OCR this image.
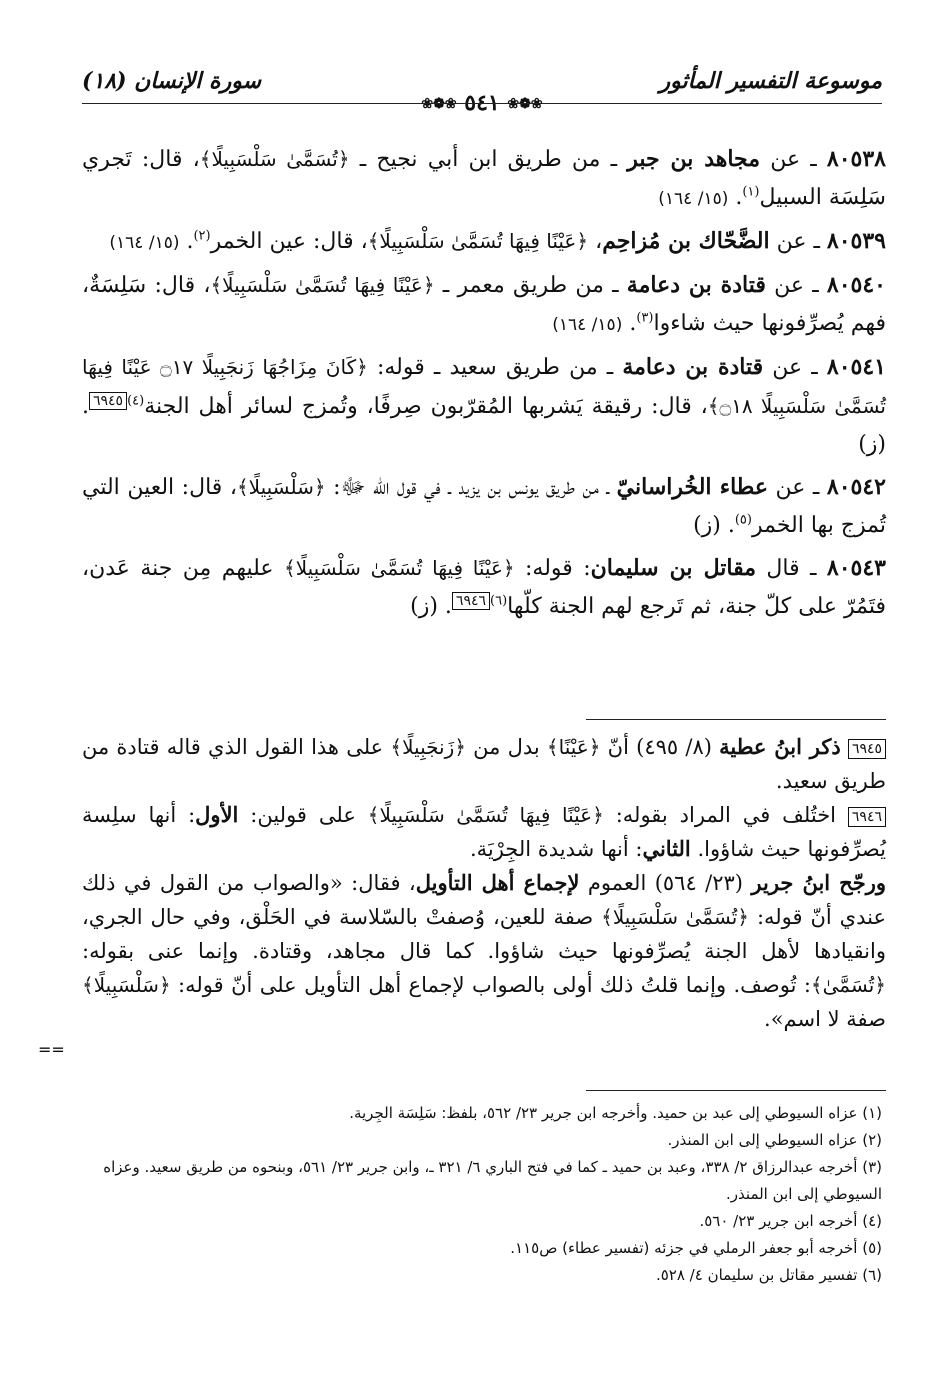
موسوعة التفسير المأثور
❀❁❀ ٥٤١ ❀❁❀
سورة الإنسان (١٨)

٨٠٥٣٨ ـ عن مجاهد بن جبر ـ من طريق ابن أبي نجيح ـ ﴿تُسَمَّىٰ سَلْسَبِيلًا﴾، قال: تَجري سَلِسَة السبيل$^{(١)}$. (١٥/ ١٦٤)

٨٠٥٣٩ ـ عن الضَّحّاك بن مُزاحِم، ﴿عَيْنًا فِيهَا تُسَمَّىٰ سَلْسَبِيلًا﴾، قال: عين الخمر$^{(٢)}$. (١٥/ ١٦٤)

٨٠٥٤٠ ـ عن قتادة بن دعامة ـ من طريق معمر ـ ﴿عَيْنًا فِيهَا تُسَمَّىٰ سَلْسَبِيلًا﴾، قال: سَلِسَةٌ، فهم يُصرِّفونها حيث شاءوا$^{(٣)}$. (١٥/ ١٦٤)

٨٠٥٤١ ـ عن قتادة بن دعامة ـ من طريق سعيد ـ قوله: ﴿كَانَ مِزَاجُهَا زَنجَبِيلًا ۝١٧ عَيْنًا فِيهَا تُسَمَّىٰ سَلْسَبِيلًا ۝١٨﴾، قال: رقيقة يَشربها المُقرّبون صِرفًا، وتُمزج لسائر أهل الجنة$^{(٤)}$٦٩٤٥. (ز)

٨٠٥٤٢ ـ عن عطاء الخُراسانيّ ـ من طريق يونس بن يزيد ـ في قول الله ﷻ: ﴿سَلْسَبِيلًا﴾، قال: العين التي تُمزج بها الخمر$^{(٥)}$. (ز)

٨٠٥٤٣ ـ قال مقاتل بن سليمان: قوله: ﴿عَيْنًا فِيهَا تُسَمَّىٰ سَلْسَبِيلًا﴾ عليهم مِن جنة عَدن، فتَمُرّ على كلّ جنة، ثم تَرجع لهم الجنة كلّها$^{(٦)}$٦٩٤٦. (ز)

٦٩٤٥ ذكر ابنُ عطية (٨/ ٤٩٥) أنّ ﴿عَيْنًا﴾ بدل من ﴿زَنجَبِيلًا﴾ على هذا القول الذي قاله قتادة من طريق سعيد.

٦٩٤٦ اختُلف في المراد بقوله: ﴿عَيْنًا فِيهَا تُسَمَّىٰ سَلْسَبِيلًا﴾ على قولين: الأول: أنها سلِسة يُصرِّفونها حيث شاؤوا. الثاني: أنها شديدة الجِرْيَة.

ورجّح ابنُ جرير (٢٣/ ٥٦٤) العموم لإجماع أهل التأويل، فقال: «والصواب من القول في ذلك عندي أنّ قوله: ﴿تُسَمَّىٰ سَلْسَبِيلًا﴾ صفة للعين، وُصفتْ بالسّلاسة في الحَلْق، وفي حال الجري، وانقيادها لأهل الجنة يُصرِّفونها حيث شاؤوا. كما قال مجاهد، وقتادة. وإنما عنى بقوله: ﴿تُسَمَّىٰ﴾: تُوصف. وإنما قلتُ ذلك أولى بالصواب لإجماع أهل التأويل على أنّ قوله: ﴿سَلْسَبِيلًا﴾ صفة لا اسم».

==

(١) عزاه السيوطي إلى عبد بن حميد. وأخرجه ابن جرير ٢٣/ ٥٦٢، بلفظ: سَلِسَة الجِرية.

(٢) عزاه السيوطي إلى ابن المنذر.

(٣) أخرجه عبدالرزاق ٢/ ٣٣٨، وعبد بن حميد ـ كما في فتح الباري ٦/ ٣٢١ ـ، وابن جرير ٢٣/ ٥٦١، وبنحوه من طريق سعيد. وعزاه السيوطي إلى ابن المنذر.

(٤) أخرجه ابن جرير ٢٣/ ٥٦٠.

(٥) أخرجه أبو جعفر الرملي في جزئه (تفسير عطاء) ص١١٥.

(٦) تفسير مقاتل بن سليمان ٤/ ٥٢٨.
